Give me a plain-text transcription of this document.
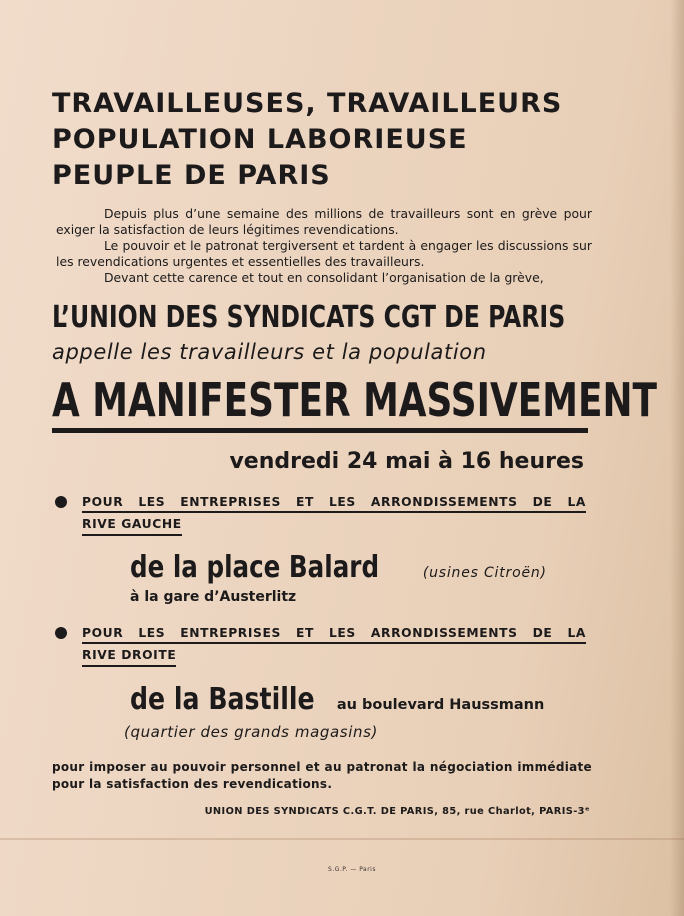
TRAVAILLEUSES, TRAVAILLEURS
POPULATION LABORIEUSE
PEUPLE DE PARIS

Depuis plus d’une semaine des millions de travailleurs sont en grève pour exiger la satisfaction de leurs légitimes revendications.

Le pouvoir et le patronat tergiversent et tardent à engager les discussions sur les revendications urgentes et essentielles des travailleurs.

Devant cette carence et tout en consolidant l’organisation de la grève,

L’UNION DES SYNDICATS CGT DE PARIS
appelle les travailleurs et la population
A MANIFESTER MASSIVEMENT
vendredi 24 mai à 16 heures
POUR LES ENTREPRISES ET LES ARRONDISSEMENTS DE LA
RIVE GAUCHE
de la place Balard	(usines Citroën)
à la gare d’Austerlitz
POUR LES ENTREPRISES ET LES ARRONDISSEMENTS DE LA
RIVE DROITE
de la Bastille au boulevard Haussmann
(quartier des grands magasins)
pour imposer au pouvoir personnel et au patronat la négociation immédiate pour la satisfaction des revendications.
UNION DES SYNDICATS C.G.T. DE PARIS, 85, rue Charlot, PARIS-3ᵉ
S.G.P. — Paris
